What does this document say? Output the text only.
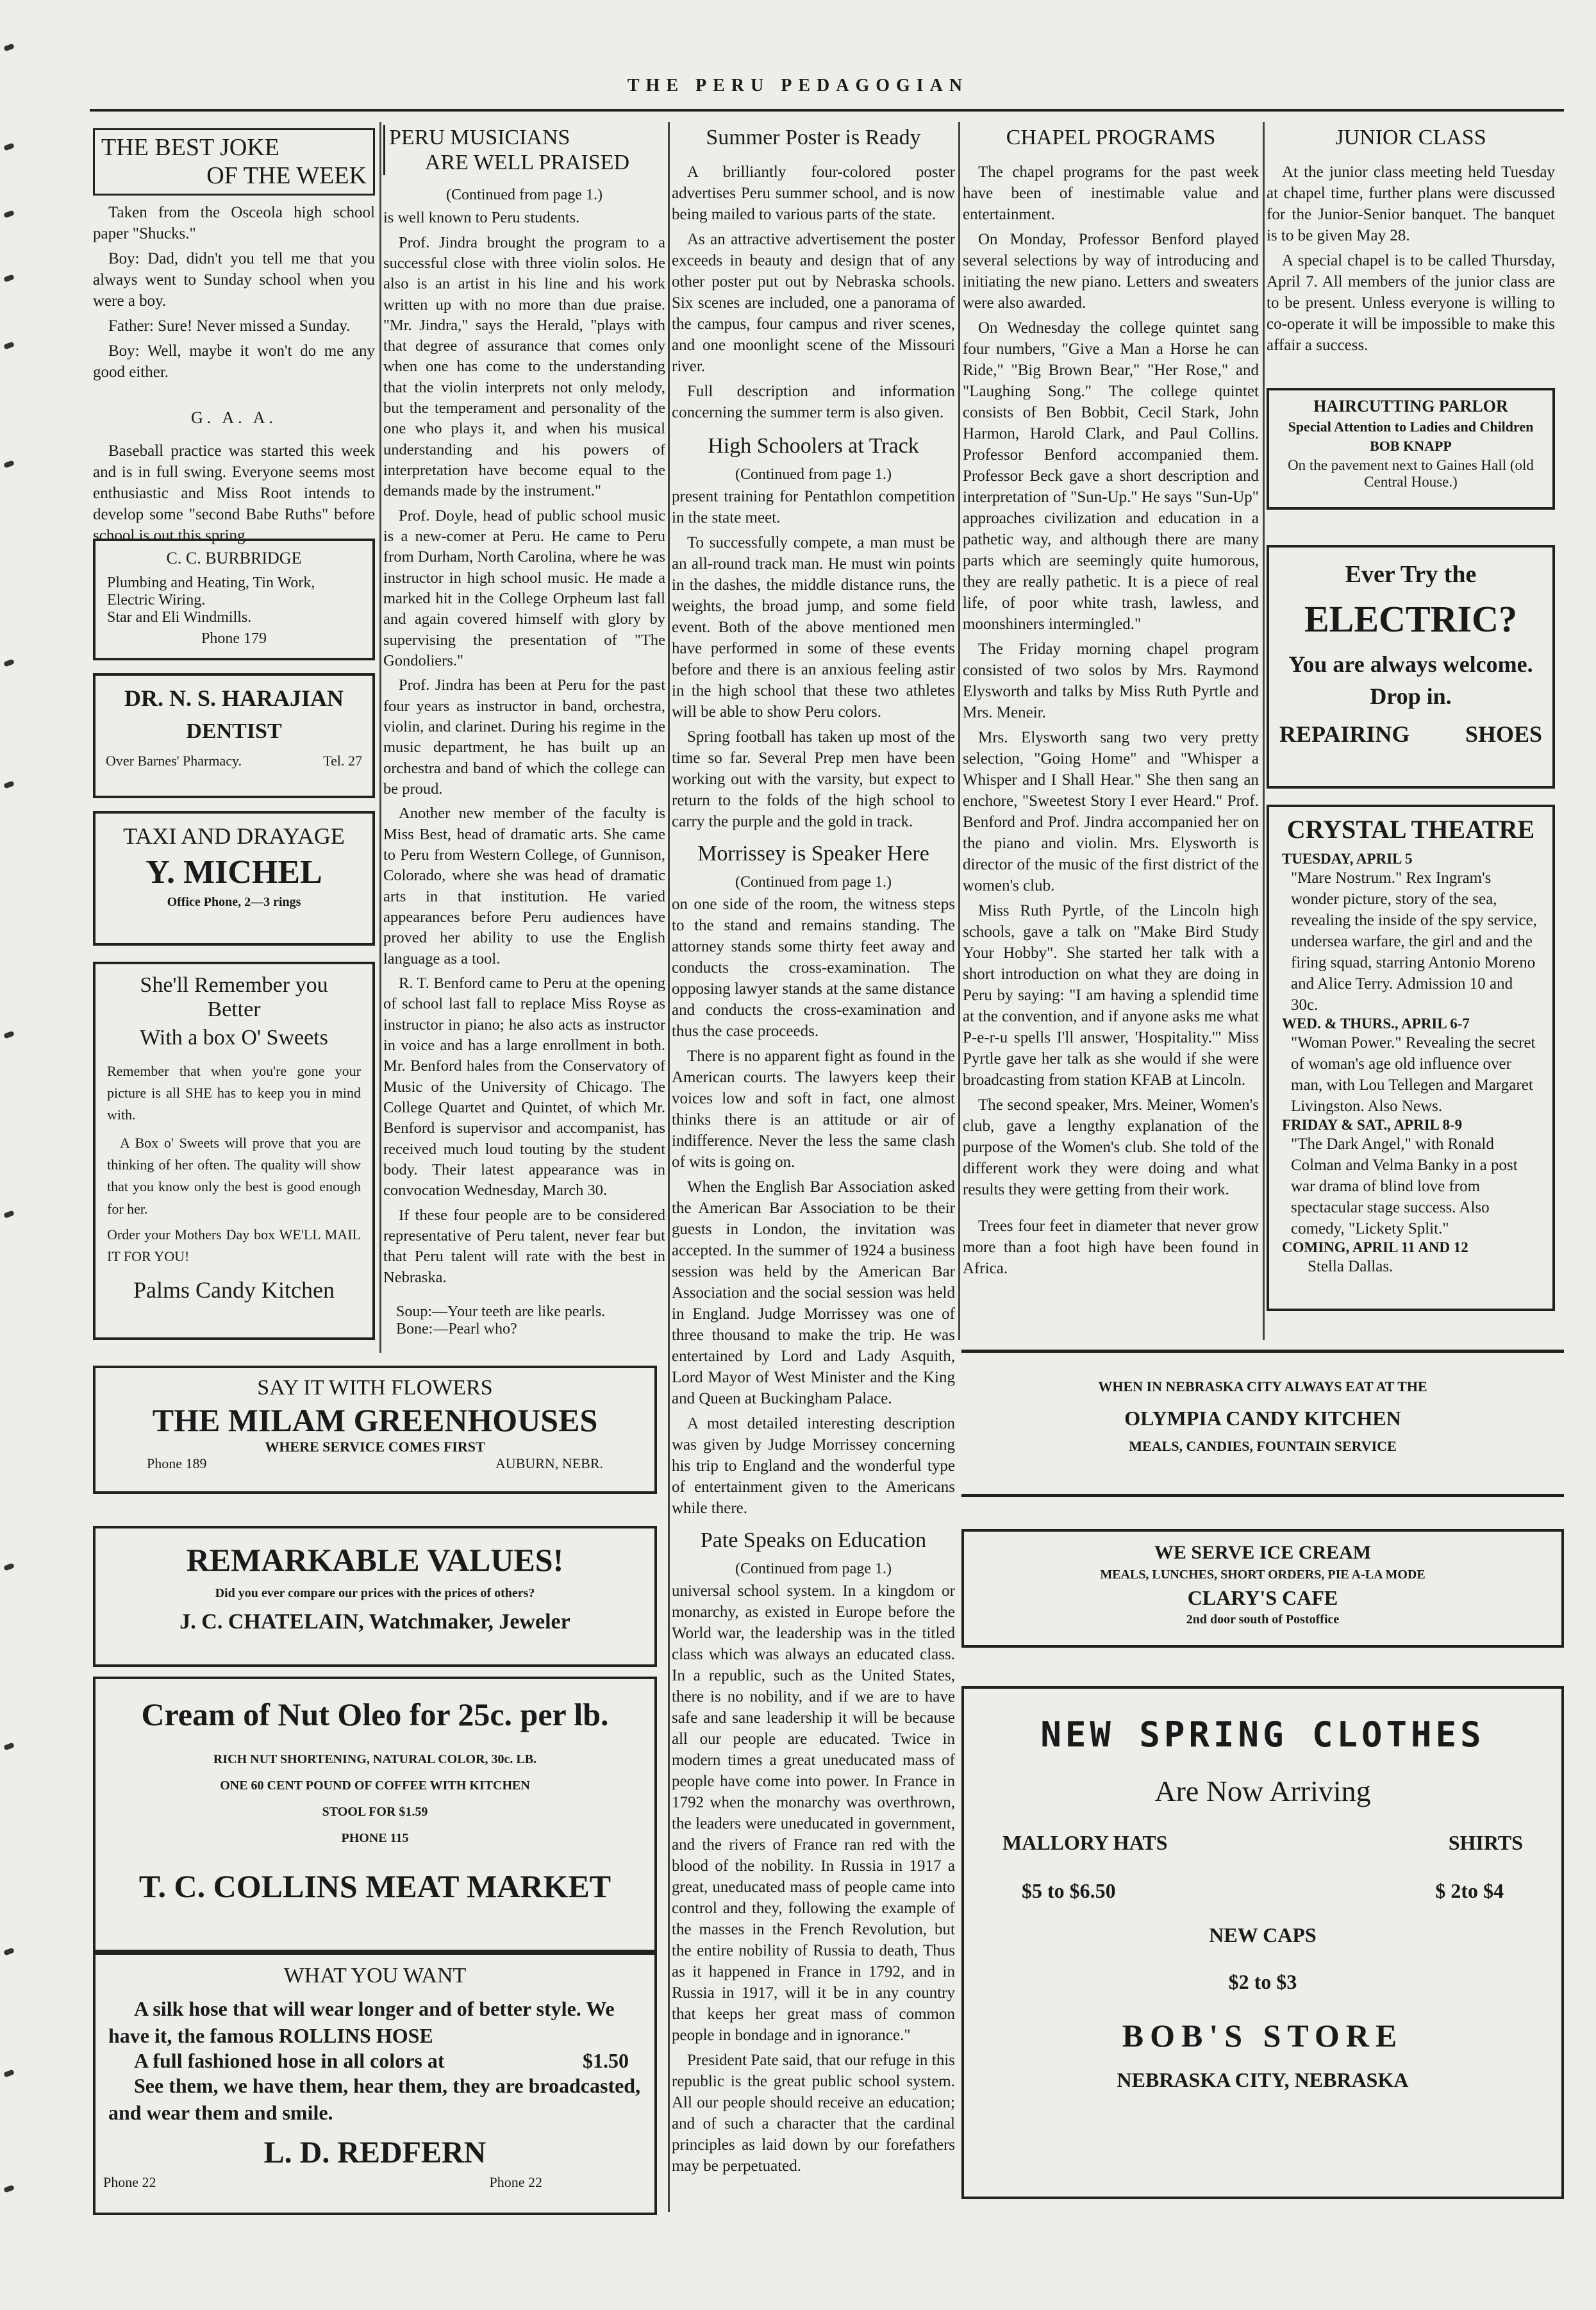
THE PERU PEDAGOGIAN
THE BEST JOKE
OF THE WEEK

Taken from the Osceola high school paper "Shucks."

Boy: Dad, didn't you tell me that you always went to Sunday school when you were a boy.

Father: Sure! Never missed a Sunday.

Boy: Well, maybe it won't do me any good either.

G. A. A.

Baseball practice was started this week and is in full swing. Everyone seems most enthusiastic and Miss Root intends to develop some "second Babe Ruths" before school is out this spring.

C. C. BURBRIDGE
Plumbing and Heating, Tin Work, Electric Wiring.
Star and Eli Windmills.
Phone 179
DR. N. S. HARAJIAN
DENTIST
Over Barnes' Pharmacy.	Tel. 27
TAXI AND DRAYAGE
Y. MICHEL
Office Phone, 2—3 rings
She'll Remember you
Better
With a box O' Sweets
Remember that when you're gone your picture is all SHE has to keep you in mind with.
A Box o' Sweets will prove that you are thinking of her often. The quality will show that you know only the best is good enough for her.
Order your Mothers Day box WE'LL MAIL IT FOR YOU!
Palms Candy Kitchen
PERU MUSICIANS
ARE WELL PRAISED
(Continued from page 1.)

is well known to Peru students.

Prof. Jindra brought the program to a successful close with three violin solos. He also is an artist in his line and his work written up with no more than due praise. "Mr. Jindra," says the Herald, "plays with that degree of assurance that comes only when one has come to the understanding that the violin interprets not only melody, but the temperament and personality of the one who plays it, and when his musical understanding and his powers of interpretation have become equal to the demands made by the instrument."

Prof. Doyle, head of public school music is a new-comer at Peru. He came to Peru from Durham, North Carolina, where he was instructor in high school music. He made a marked hit in the College Orpheum last fall and again covered himself with glory by supervising the presentation of "The Gondoliers."

Prof. Jindra has been at Peru for the past four years as instructor in band, orchestra, violin, and clarinet. During his regime in the music department, he has built up an orchestra and band of which the college can be proud.

Another new member of the faculty is Miss Best, head of dramatic arts. She came to Peru from Western College, of Gunnison, Colorado, where she was head of dramatic arts in that institution. He varied appearances before Peru audiences have proved her ability to use the English language as a tool.

R. T. Benford came to Peru at the opening of school last fall to replace Miss Royse as instructor in piano; he also acts as instructor in voice and has a large enrollment in both. Mr. Benford hales from the Conservatory of Music of the University of Chicago. The College Quartet and Quintet, of which Mr. Benford is supervisor and accompanist, has received much loud touting by the student body. Their latest appearance was in convocation Wednesday, March 30.

If these four people are to be considered representative of Peru talent, never fear but that Peru talent will rate with the best in Nebraska.

Soup:—Your teeth are like pearls.
Bone:—Pearl who?
Summer Poster is Ready

A brilliantly four-colored poster advertises Peru summer school, and is now being mailed to various parts of the state.

As an attractive advertisement the poster exceeds in beauty and design that of any other poster put out by Nebraska schools. Six scenes are included, one a panorama of the campus, four campus and river scenes, and one moonlight scene of the Missouri river.

Full description and information concerning the summer term is also given.

High Schoolers at Track
(Continued from page 1.)

present training for Pentathlon competition in the state meet.

To successfully compete, a man must be an all-round track man. He must win points in the dashes, the middle distance runs, the weights, the broad jump, and some field event. Both of the above mentioned men have performed in some of these events before and there is an anxious feeling astir in the high school that these two athletes will be able to show Peru colors.

Spring football has taken up most of the time so far. Several Prep men have been working out with the varsity, but expect to return to the folds of the high school to carry the purple and the gold in track.

Morrissey is Speaker Here
(Continued from page 1.)

on one side of the room, the witness steps to the stand and remains standing. The attorney stands some thirty feet away and conducts the cross-examination. The opposing lawyer stands at the same distance and conducts the cross-examination and thus the case proceeds.

There is no apparent fight as found in the American courts. The lawyers keep their voices low and soft in fact, one almost thinks there is an attitude or air of indifference. Never the less the same clash of wits is going on.

When the English Bar Association asked the American Bar Association to be their guests in London, the invitation was accepted. In the summer of 1924 a business session was held by the American Bar Association and the social session was held in England. Judge Morrissey was one of three thousand to make the trip. He was entertained by Lord and Lady Asquith, Lord Mayor of West Minister and the King and Queen at Buckingham Palace.

A most detailed interesting description was given by Judge Morrissey concerning his trip to England and the wonderful type of entertainment given to the Americans while there.

Pate Speaks on Education
(Continued from page 1.)

universal school system. In a kingdom or monarchy, as existed in Europe before the World war, the leadership was in the titled class which was always an educated class. In a republic, such as the United States, there is no nobility, and if we are to have safe and sane leadership it will be because all our people are educated. Twice in modern times a great uneducated mass of people have come into power. In France in 1792 when the monarchy was overthrown, the leaders were uneducated in government, and the rivers of France ran red with the blood of the nobility. In Russia in 1917 a great, uneducated mass of people came into control and they, following the example of the masses in the French Revolution, but the entire nobility of Russia to death, Thus as it happened in France in 1792, and in Russia in 1917, will it be in any country that keeps her great mass of common people in bondage and in ignorance."

President Pate said, that our refuge in this republic is the great public school system. All our people should receive an education; and of such a character that the cardinal principles as laid down by our forefathers may be perpetuated.

CHAPEL PROGRAMS

The chapel programs for the past week have been of inestimable value and entertainment.

On Monday, Professor Benford played several selections by way of introducing and initiating the new piano. Letters and sweaters were also awarded.

On Wednesday the college quintet sang four numbers, "Give a Man a Horse he can Ride," "Big Brown Bear," "Her Rose," and "Laughing Song." The college quintet consists of Ben Bobbit, Cecil Stark, John Harmon, Harold Clark, and Paul Collins. Professor Benford accompanied them. Professor Beck gave a short description and interpretation of "Sun-Up." He says "Sun-Up" approaches civilization and education in a pathetic way, and although there are many parts which are seemingly quite humorous, they are really pathetic. It is a piece of real life, of poor white trash, lawless, and moonshiners intermingled."

The Friday morning chapel program consisted of two solos by Mrs. Raymond Elysworth and talks by Miss Ruth Pyrtle and Mrs. Meneir.

Mrs. Elysworth sang two very pretty selection, "Going Home" and "Whisper a Whisper and I Shall Hear." She then sang an enchore, "Sweetest Story I ever Heard." Prof. Benford and Prof. Jindra accompanied her on the piano and violin. Mrs. Elysworth is director of the music of the first district of the women's club.

Miss Ruth Pyrtle, of the Lincoln high schools, gave a talk on "Make Bird Study Your Hobby". She started her talk with a short introduction on what they are doing in Peru by saying: "I am having a splendid time at the convention, and if anyone asks me what P-e-r-u spells I'll answer, 'Hospitality.'" Miss Pyrtle gave her talk as she would if she were broadcasting from station KFAB at Lincoln.

The second speaker, Mrs. Meiner, Women's club, gave a lengthy explanation of the purpose of the Women's club. She told of the different work they were doing and what results they were getting from their work.

Trees four feet in diameter that never grow more than a foot high have been found in Africa.

JUNIOR CLASS

At the junior class meeting held Tuesday at chapel time, further plans were discussed for the Junior-Senior banquet. The banquet is to be given May 28.

A special chapel is to be called Thursday, April 7. All members of the junior class are to be present. Unless everyone is willing to co-operate it will be impossible to make this affair a success.

HAIRCUTTING PARLOR
Special Attention to Ladies and Children
BOB KNAPP
On the pavement next to Gaines Hall (old Central House.)
Ever Try the
ELECTRIC?
You are always welcome. Drop in.
REPAIRING SHOES
CRYSTAL THEATRE
TUESDAY, APRIL 5
"Mare Nostrum." Rex Ingram's wonder picture, story of the sea, revealing the inside of the spy service, undersea warfare, the girl and and the firing squad, starring Antonio Moreno and Alice Terry. Admission 10 and 30c.
WED. & THURS., APRIL 6-7
"Woman Power." Revealing the secret of woman's age old influence over man, with Lou Tellegen and Margaret Livingston. Also News.
FRIDAY & SAT., APRIL 8-9
"The Dark Angel," with Ronald Colman and Velma Banky in a post war drama of blind love from spectacular stage success. Also comedy, "Lickety Split."
COMING, APRIL 11 AND 12
Stella Dallas.
SAY IT WITH FLOWERS
THE MILAM GREENHOUSES
WHERE SERVICE COMES FIRST
Phone 189	AUBURN, NEBR.
REMARKABLE VALUES!
Did you ever compare our prices with the prices of others?
J. C. CHATELAIN, Watchmaker, Jeweler
Cream of Nut Oleo for 25c. per lb.
RICH NUT SHORTENING, NATURAL COLOR, 30c. LB.
ONE 60 CENT POUND OF COFFEE WITH KITCHEN
STOOL FOR $1.59
PHONE 115
T. C. COLLINS MEAT MARKET
WHAT YOU WANT
A silk hose that will wear longer and of better style. We have it, the famous ROLLINS HOSE
A full fashioned hose in all colors at	$1.50
See them, we have them, hear them, they are broadcasted, and wear them and smile.
L. D. REDFERN
Phone 22	Phone 22
WHEN IN NEBRASKA CITY ALWAYS EAT AT THE
OLYMPIA CANDY KITCHEN
MEALS, CANDIES, FOUNTAIN SERVICE
WE SERVE ICE CREAM
MEALS, LUNCHES, SHORT ORDERS, PIE A-LA MODE
CLARY'S CAFE
2nd door south of Postoffice
NEW SPRING CLOTHES
Are Now Arriving
MALLORY HATS	SHIRTS
$5 to $6.50	$ 2to $4
NEW CAPS
$2 to $3
BOB'S STORE
NEBRASKA CITY, NEBRASKA
